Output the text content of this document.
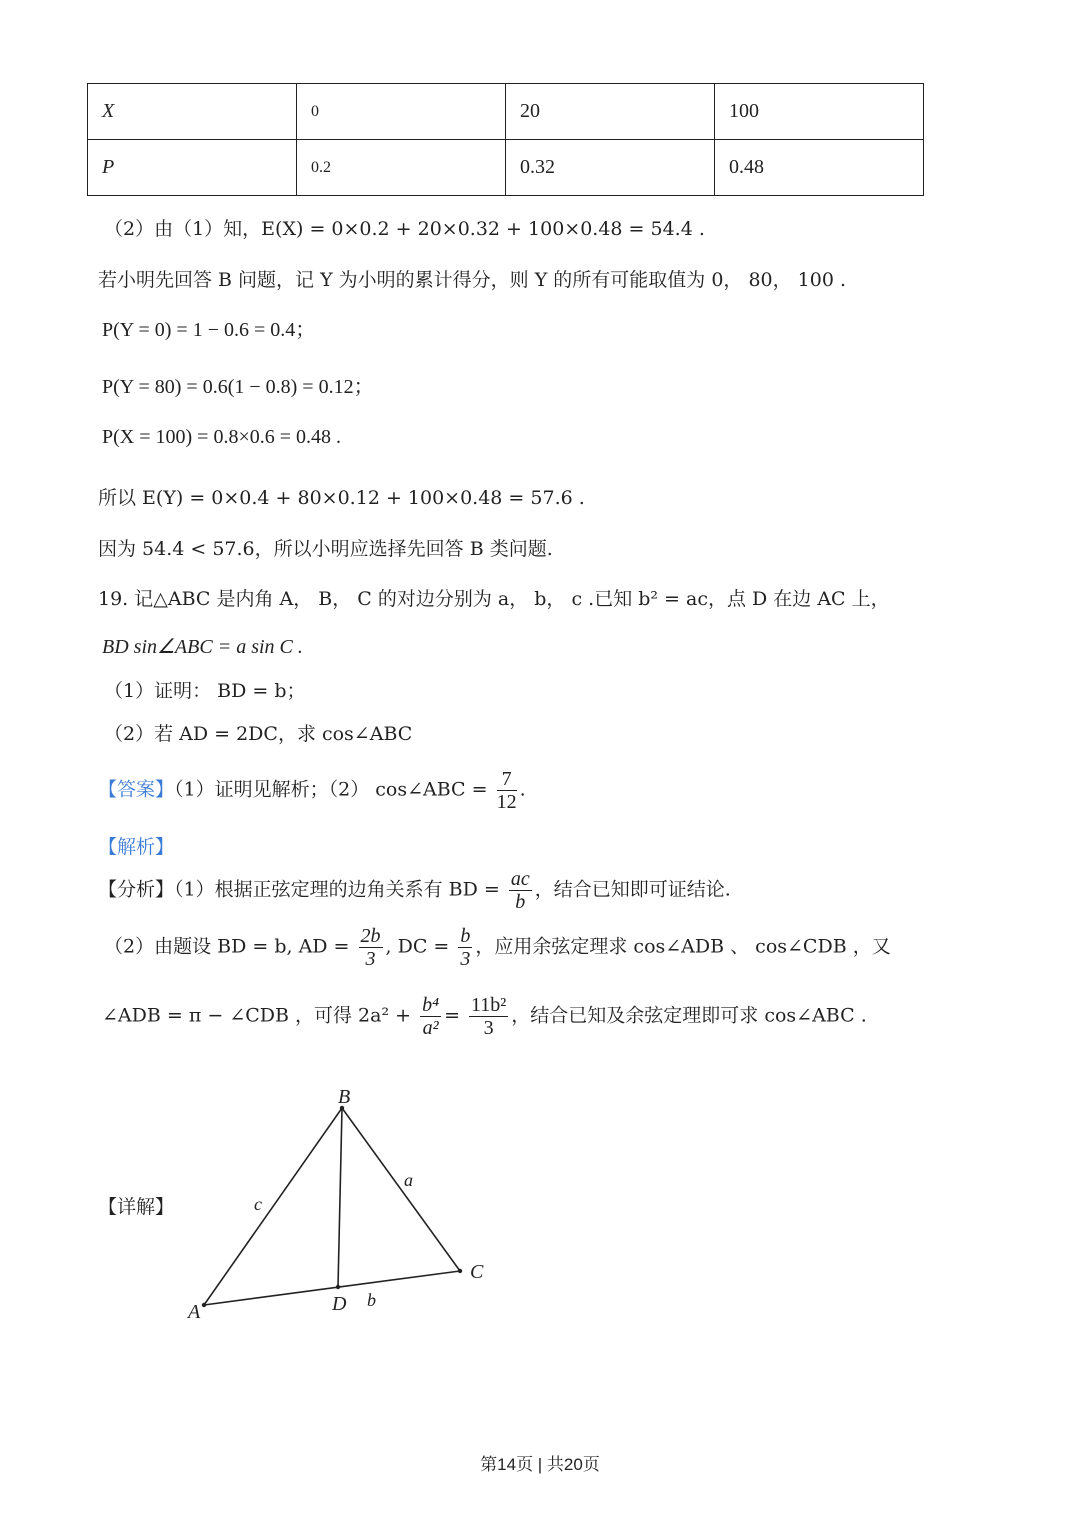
X	0	20	100
P	0.2	0.32	0.48
（2）由（1）知，E(X) = 0×0.2 + 20×0.32 + 100×0.48 = 54.4 .
若小明先回答 B 问题，记 Y 为小明的累计得分，则 Y 的所有可能取值为 0， 80， 100 .
P(Y = 0) = 1 − 0.6 = 0.4；
P(Y = 80) = 0.6(1 − 0.8) = 0.12；
P(X = 100) = 0.8×0.6 = 0.48 .
所以 E(Y) = 0×0.4 + 80×0.12 + 100×0.48 = 57.6 .
因为 54.4 < 57.6，所以小明应选择先回答 B 类问题.
19. 记△ABC 是内角 A， B， C 的对边分别为 a， b， c .已知 b² = ac，点 D 在边 AC 上，
BD sin∠ABC = a sin C .
（1）证明： BD = b；
（2）若 AD = 2DC，求 cos∠ABC
【答案】（1）证明见解析；（2） cos∠ABC = $\frac{7}{12}$ .
【解析】
【分析】（1）根据正弦定理的边角关系有 BD = $\frac{ac}{b}$ ，结合已知即可证结论.
（2）由题设 BD = b, AD = $\frac{2b}{3}$ , DC = $\frac{b}{3}$ ，应用余弦定理求 cos∠ADB 、 cos∠CDB ，又
∠ADB = π − ∠CDB ，可得 $2a^2 + \frac{\text{b⁴}}{\text{a²}} = \frac{\text{11b²}}{3}$ ，结合已知及余弦定理即可求 cos∠ABC .
【详解】
A
B
C
D
a
b
c
第14页 | 共20页
